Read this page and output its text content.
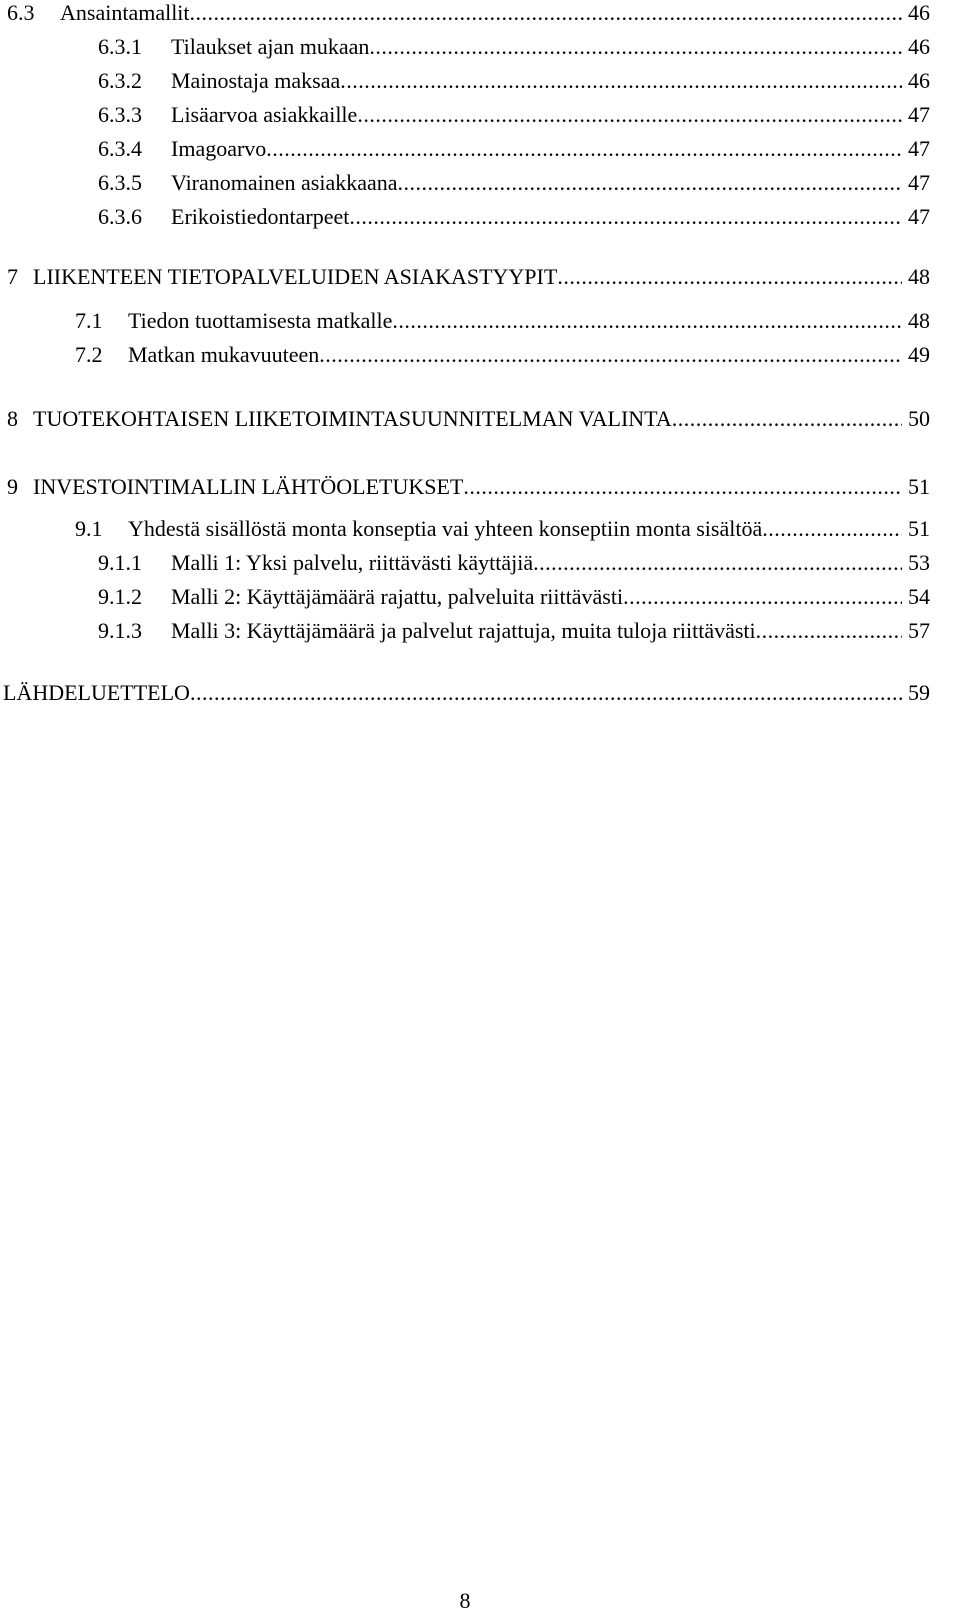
6.3	Ansaintamallit .....	46
6.3.1	Tilaukset ajan mukaan .....	46
6.3.2	Mainostaja maksaa .....	46
6.3.3	Lisäarvoa asiakkaille .....	47
6.3.4	Imagoarvo .....	47
6.3.5	Viranomainen asiakkaana .....	47
6.3.6	Erikoistiedontarpeet .....	47
7 LIIKENTEEN TIETOPALVELUIDEN ASIAKASTYYPIT .....	48
7.1	Tiedon tuottamisesta matkalle .....	48
7.2	Matkan mukavuuteen .....	49
8 TUOTEKOHTAISEN LIIKETOIMINTASUUNNITELMAN VALINTA .....	50
9 INVESTOINTIMALLIN LÄHTÖOLETUKSET .....	51
9.1	Yhdestä sisällöstä monta konseptia vai yhteen konseptiin monta sisältöä .....	51
9.1.1	Malli 1: Yksi palvelu, riittävästi käyttäjiä .....	53
9.1.2	Malli 2: Käyttäjämäärä rajattu, palveluita riittävästi .....	54
9.1.3	Malli 3: Käyttäjämäärä ja palvelut rajattuja, muita tuloja riittävästi .....	57
LÄHDELUETTELO .....	59
8
